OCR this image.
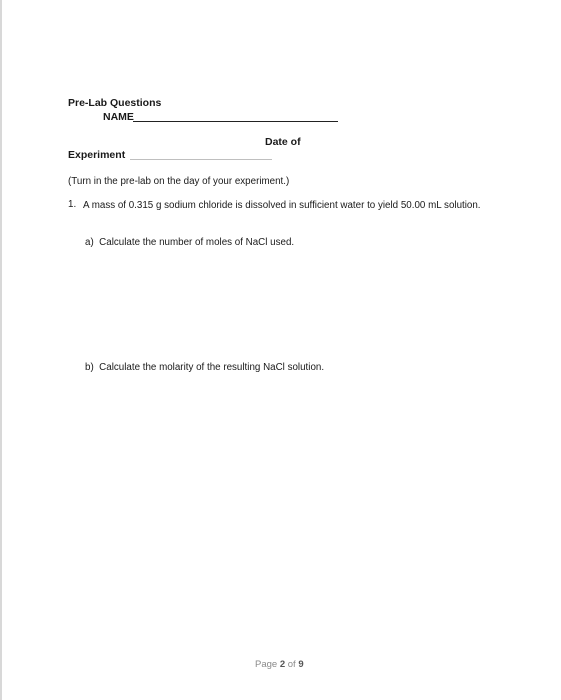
Pre-Lab Questions
NAME
Date of
Experiment
(Turn in the pre-lab on the day of your experiment.)
1. A mass of 0.315 g sodium chloride is dissolved in sufficient water to yield 50.00 mL solution.
a) Calculate the number of moles of NaCl used.
b) Calculate the molarity of the resulting NaCl solution.
Page 2 of 9
